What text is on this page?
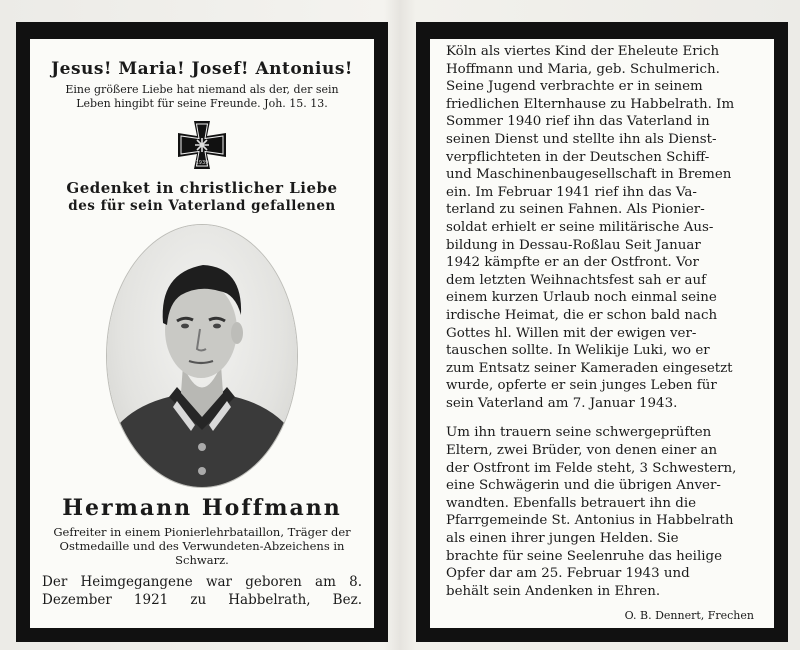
Jesus! Maria! Josef! Antonius!
Eine größere Liebe hat niemand als der, der sein Leben hingibt für seine Freunde. Joh. 15. 13.
1939
Gedenket in christlicher Liebe
des für sein Vaterland gefallenen
Hermann Hoffmann
Gefreiter in einem Pionierlehrbataillon, Träger der Ostmedaille und des Verwundeten-Abzeichens in Schwarz.
Der Heimgegangene war geboren am 8. Dezember 1921 zu Habbelrath, Bez.

Köln als viertes Kind der Eheleute Erich
Hoffmann und Maria, geb. Schulmerich.
Seine Jugend verbrachte er in seinem
friedlichen Elternhause zu Habbelrath. Im
Sommer 1940 rief ihn das Vaterland in
seinen Dienst und stellte ihn als Dienst-
verpflichteten in der Deutschen Schiff-
und Maschinenbaugesellschaft in Bremen
ein. Im Februar 1941 rief ihn das Va-
terland zu seinen Fahnen. Als Pionier-
soldat erhielt er seine militärische Aus-
bildung in Dessau-Roßlau Seit Januar
1942 kämpfte er an der Ostfront. Vor
dem letzten Weihnachtsfest sah er auf
einem kurzen Urlaub noch einmal seine
irdische Heimat, die er schon bald nach
Gottes hl. Willen mit der ewigen ver-
tauschen sollte. In Welikije Luki, wo er
zum Entsatz seiner Kameraden eingesetzt
wurde, opferte er sein junges Leben für
sein Vaterland am 7. Januar 1943.

Um ihn trauern seine schwergeprüften
Eltern, zwei Brüder, von denen einer an
der Ostfront im Felde steht, 3 Schwestern,
eine Schwägerin und die übrigen Anver-
wandten. Ebenfalls betrauert ihn die
Pfarrgemeinde St. Antonius in Habbelrath
als einen ihrer jungen Helden. Sie
brachte für seine Seelenruhe das heilige
Opfer dar am 25. Februar 1943 und
behält sein Andenken in Ehren.

O. B. Dennert, Frechen
